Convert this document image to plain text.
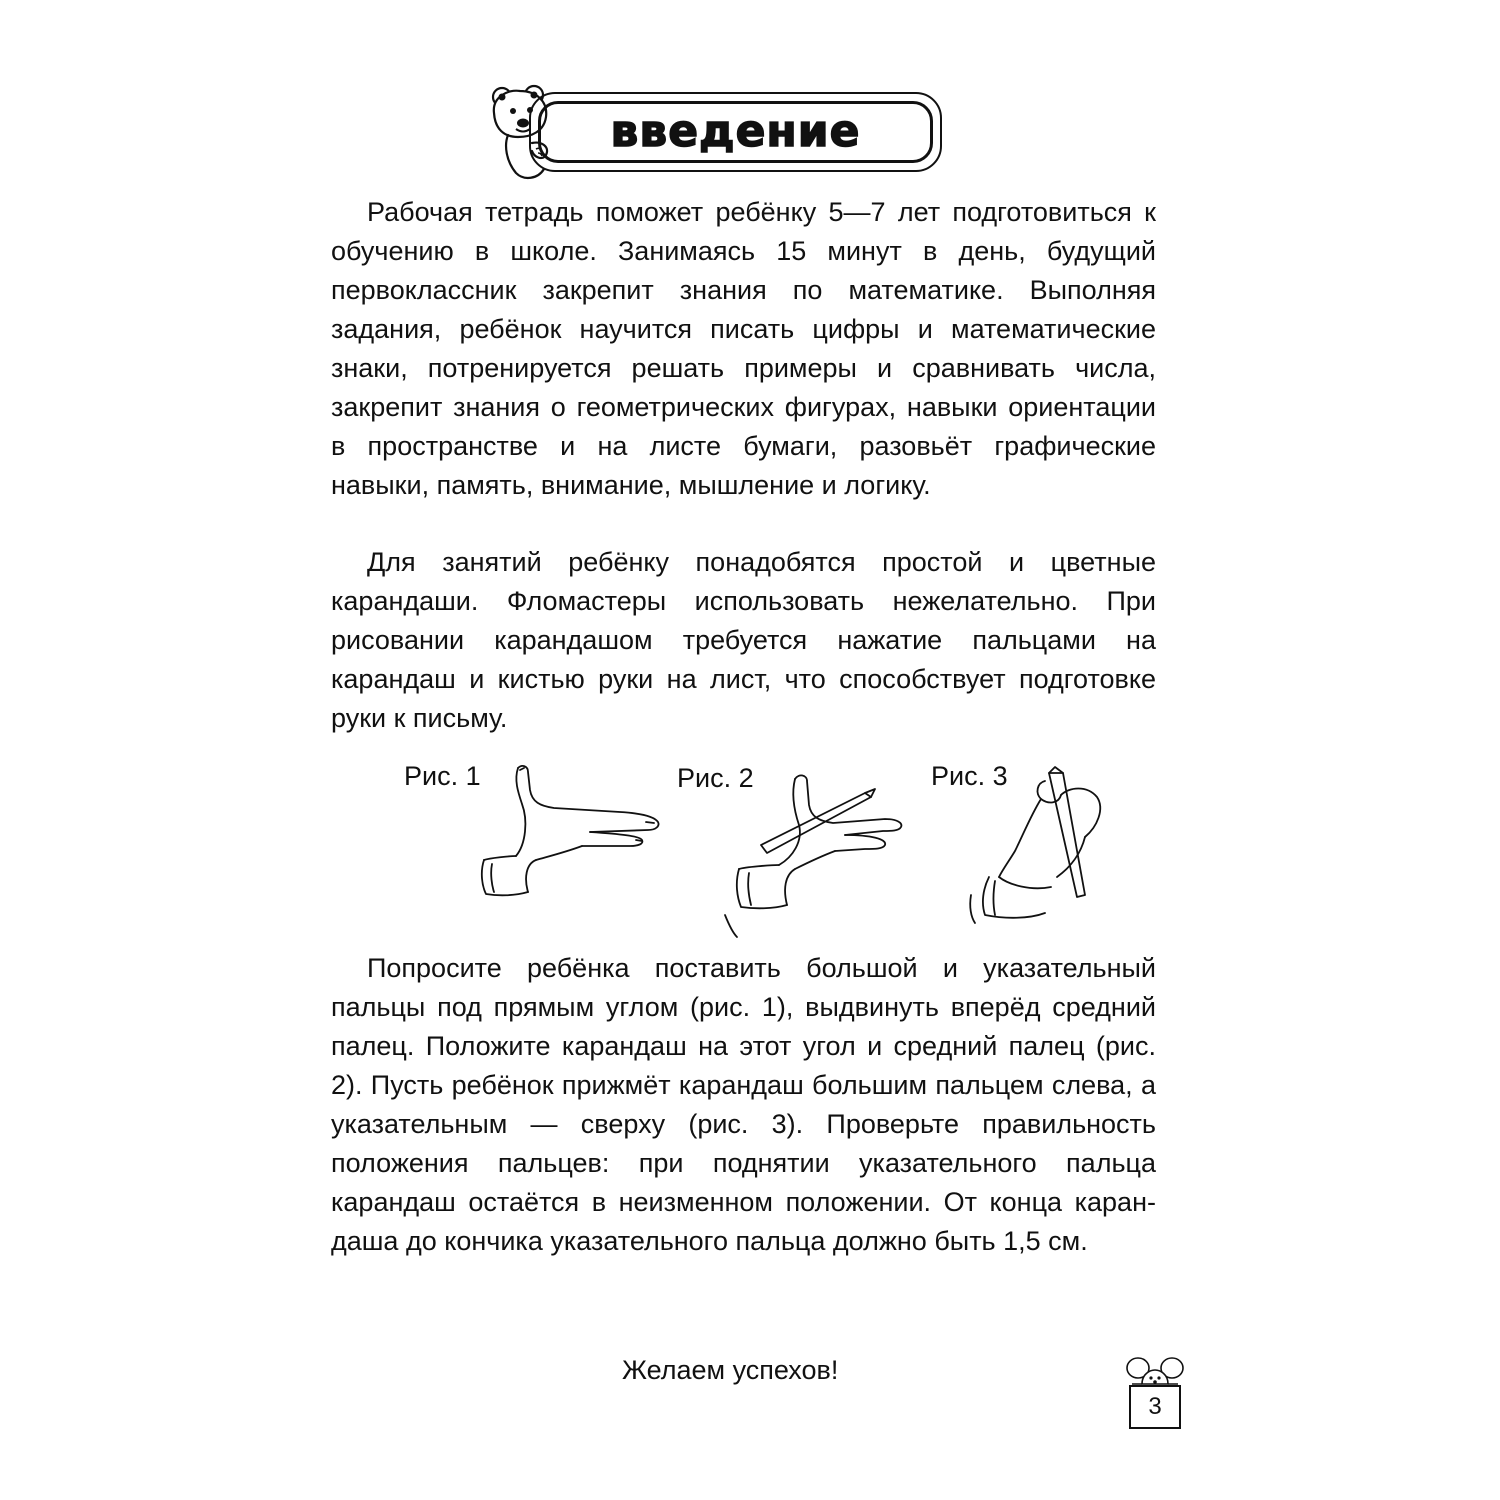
введение

Рабочая тетрадь поможет ребёнку 5—7 лет подготовиться к обучению в школе. Занимаясь 15 минут в день, будущий первоклассник закрепит знания по математике. Выполняя задания, ребёнок научится писать цифры и математические знаки, потренируется решать примеры и сравнивать числа, закрепит знания о геометрических фигурах, навыки ориентации в пространстве и на листе бумаги, разовьёт графические навыки, память, внимание, мышление и логику.

Для занятий ребёнку понадобятся простой и цветные карандаши. Фломастеры использовать нежелательно. При рисовании карандашом требуется нажатие пальцами на карандаш и кистью руки на лист, что способствует подготовке руки к письму.

Рис. 1	Рис. 2	Рис. 3

Попросите ребёнка поставить большой и указательный пальцы под прямым углом (рис. 1), выдвинуть вперёд средний палец. Положите карандаш на этот угол и средний палец (рис. 2). Пусть ребёнок прижмёт карандаш большим пальцем слева, а указательным — сверху (рис. 3). Проверьте правильность положения пальцев: при поднятии указательного пальца карандаш остаётся в неизменном положении. От конца карандаша до кончика указательного пальца должно быть 1,5 см.

Желаем успехов!
3
